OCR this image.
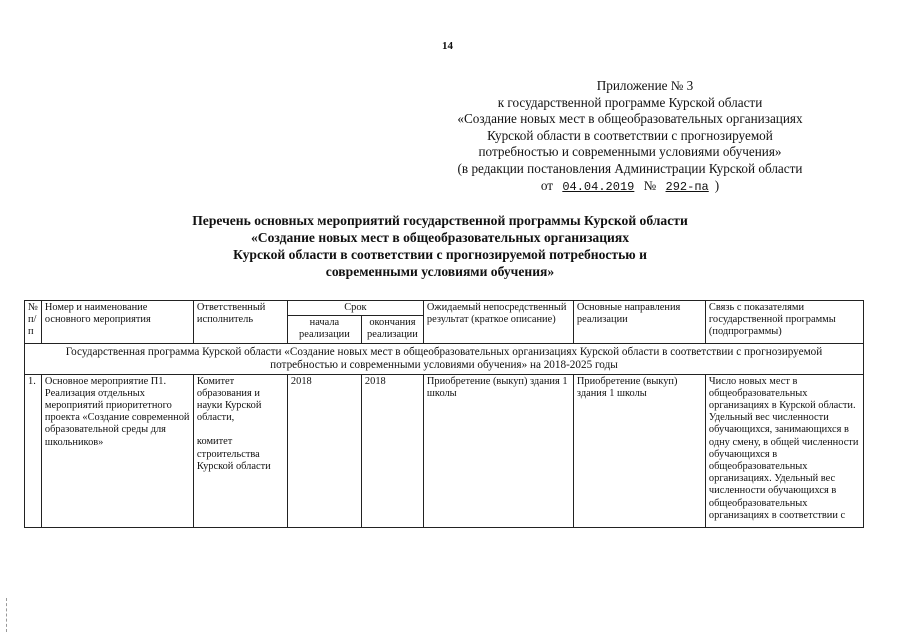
14
Приложение № 3
к государственной программе Курской области
«Создание новых мест в общеобразовательных организациях
Курской области в соответствии с прогнозируемой
потребностью и современными условиями обучения»
(в редакции постановления Администрации Курской области
от 04.04.2019 № 292-па )
Перечень основных мероприятий государственной программы Курской области
«Создание новых мест в общеобразовательных организациях
Курской области в соответствии с прогнозируемой потребностью и
современными условиями обучения»
№ п/п	Номер и наименование основного мероприятия	Ответственный исполнитель	Срок		Ожидаемый непосредственный результат (краткое описание)	Основные направления реализации	Связь с показателями государственной программы (подпрограммы)
			начала реализации	окончания реализации			
Государственная программа Курской области «Создание новых мест в общеобразовательных организациях Курской области в соответствии с прогнозируемой потребностью и современными условиями обучения» на 2018-2025 годы							
1.	Основное мероприятие П1. Реализация отдельных мероприятий приоритетного проекта «Создание современной образовательной среды для школьников»	Комитет образования и науки Курской области,
комитет строительства Курской области	2018	2018	Приобретение (выкуп) здания 1 школы	Приобретение (выкуп) здания 1 школы	Число новых мест в общеобразовательных организациях в Курской области. Удельный вес численности обучающихся, занимающихся в одну смену, в общей численности обучающихся в общеобразовательных организациях. Удельный вес численности обучающихся в общеобразовательных организациях в соответствии с
